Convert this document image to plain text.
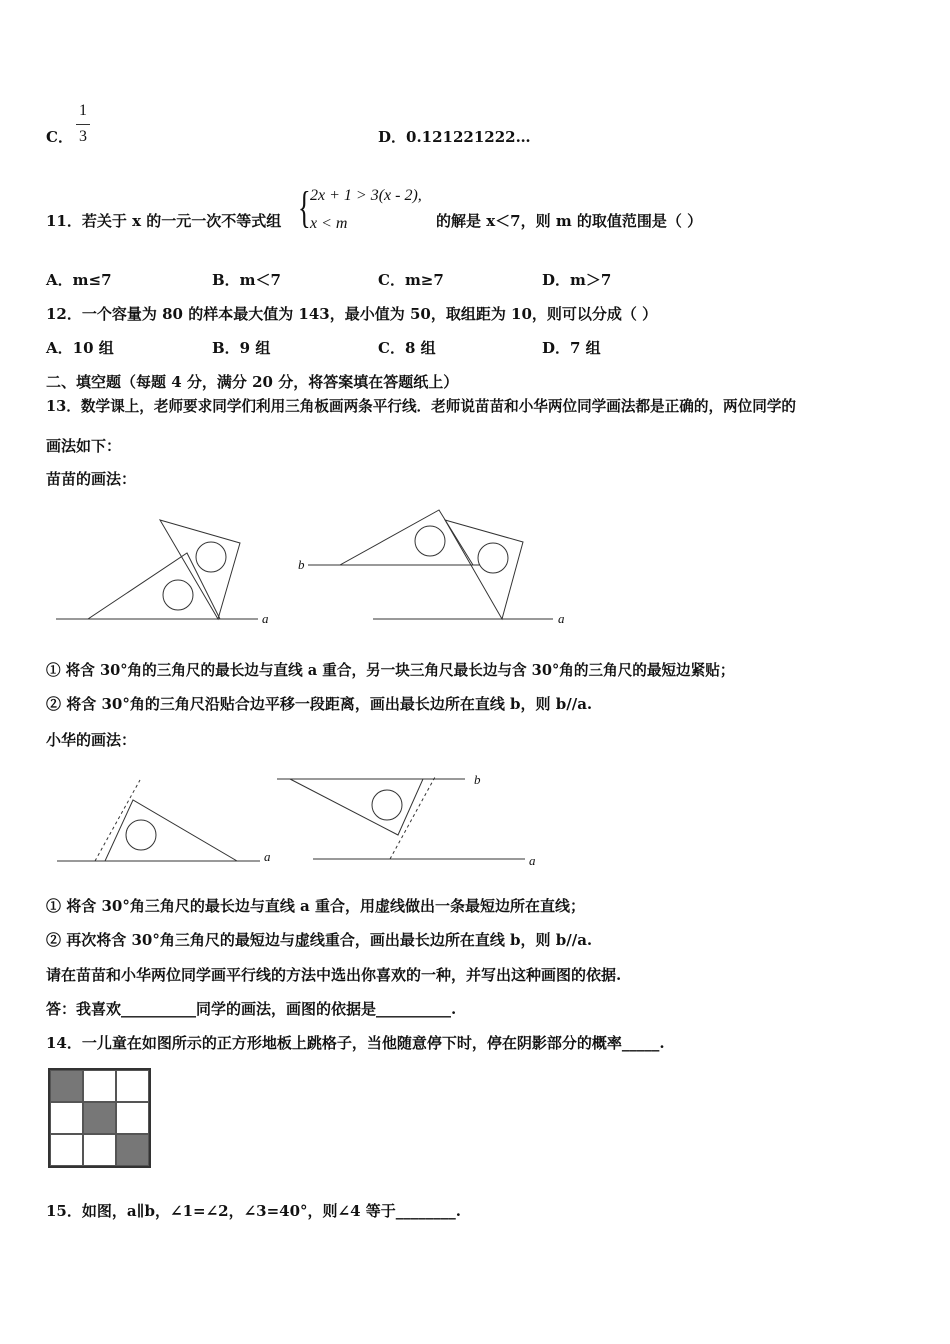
C．
1
3	D．0.121221222…
11．若关于 x 的一元一次不等式组 { 2x + 1 > 3(x - 2),
x < m	的解是 x＜7，则 m 的取值范围是（ ）
A．m≤7	B．m＜7	C．m≥7	D．m＞7
12．一个容量为 80 的样本最大值为 143，最小值为 50，取组距为 10，则可以分成（ ）
A．10 组	B．9 组	C．8 组	D．7 组
二、填空题（每题 4 分，满分 20 分，将答案填在答题纸上）
13．数学课上，老师要求同学们利用三角板画两条平行线．老师说苗苗和小华两位同学画法都是正确的，两位同学的
画法如下：
苗苗的画法：
a
b
a
① 将含 30°角的三角尺的最长边与直线 a 重合，另一块三角尺最长边与含 30°角的三角尺的最短边紧贴；
② 将含 30°角的三角尺沿贴合边平移一段距离，画出最长边所在直线 b，则 b//a.
小华的画法：
a
b
a
① 将含 30°角三角尺的最长边与直线 a 重合，用虚线做出一条最短边所在直线；
② 再次将含 30°角三角尺的最短边与虚线重合，画出最长边所在直线 b，则 b//a.
请在苗苗和小华两位同学画平行线的方法中选出你喜欢的一种，并写出这种画图的依据.
答：我喜欢__________同学的画法，画图的依据是__________.
14．一儿童在如图所示的正方形地板上跳格子，当他随意停下时，停在阴影部分的概率_____.
15．如图，a∥b，∠1=∠2，∠3=40°，则∠4 等于________.
